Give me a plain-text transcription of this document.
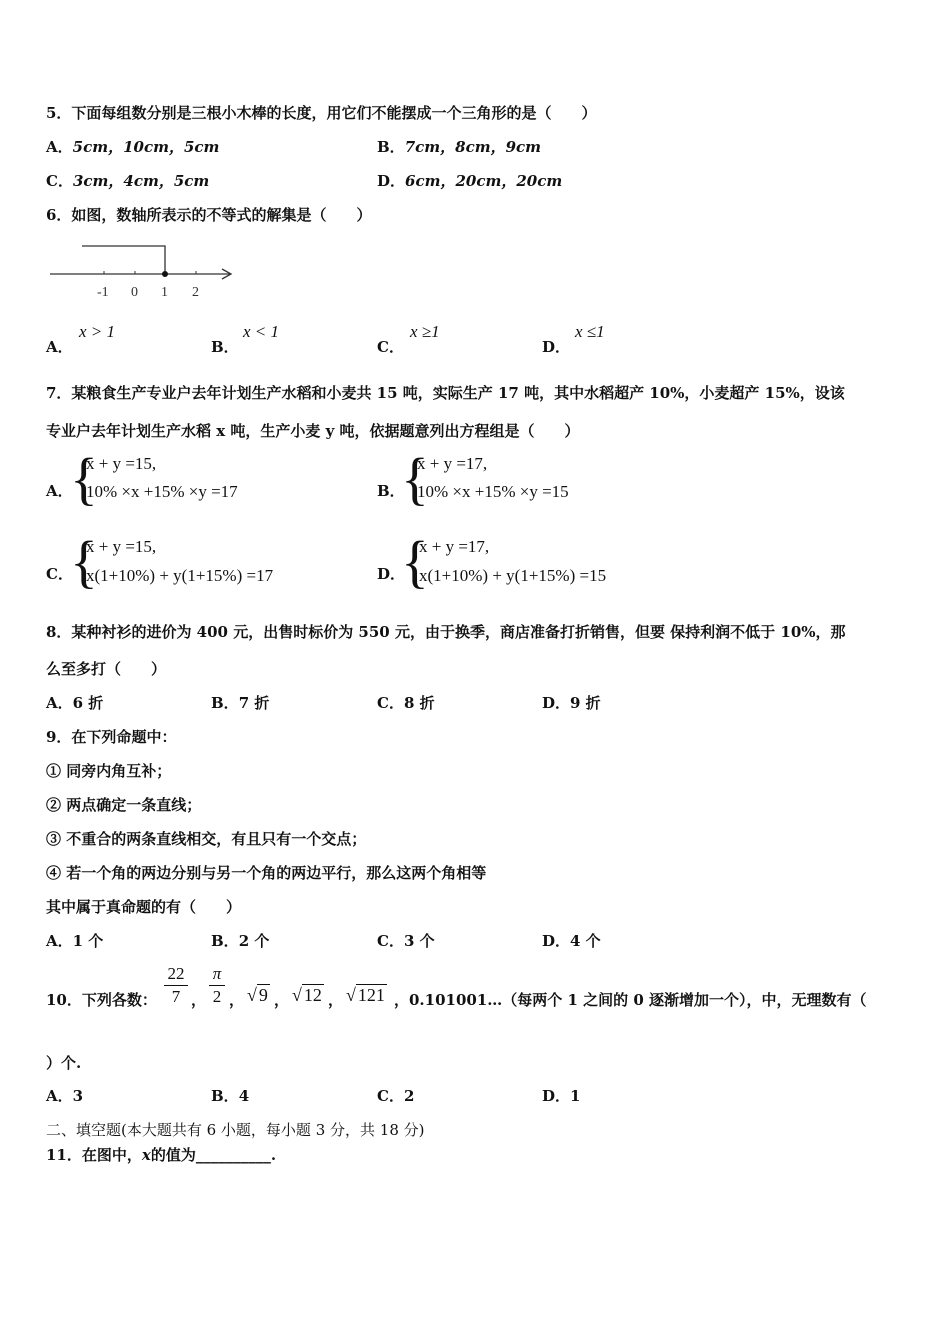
5．下面每组数分别是三根小木棒的长度，用它们不能摆成一个三角形的是（　　）
A．5cm，10cm，5cm	B．7cm，8cm，9cm
C．3cm，4cm，5cm	D．6cm，20cm，20cm
6．如图，数轴所表示的不等式的解集是（　　）
-1 0 1 2
A．
x > 1
B．
x < 1
C．
x ≥1
D．
x ≤1
7．某粮食生产专业户去年计划生产水稻和小麦共 15 吨，实际生产 17 吨，其中水稻超产 10%，小麦超产 15%，设该
专业户去年计划生产水稻 x 吨，生产小麦 y 吨，依据题意列出方程组是（　　）
A．
{
x + y =15,
10% ×x +15% ×y =17	B．
{
x + y =17,
10% ×x +15% ×y =15
C．
{
x + y =15,
x(1+10%) + y(1+15%) =17	D．
{
x + y =17,
x(1+10%) + y(1+15%) =15
8．某种衬衫的进价为 400 元，出售时标价为 550 元，由于换季，商店准备打折销售，但要 保持利润不低于 10%，那
么至多打（　　）
A．6 折	B．7 折	C．8 折	D．9 折
9．在下列命题中：
① 同旁内角互补；
② 两点确定一条直线；
③ 不重合的两条直线相交，有且只有一个交点；
④ 若一个角的两边分别与另一个角的两边平行，那么这两个角相等
其中属于真命题的有（　　）
A．1 个	B．2 个	C．3 个	D．4 个
10．下列各数：
22
7 ，
π
2 ， √ 9 ， √ 12 ， √ 121 ，0.101001…（每两个 1 之间的 0 逐渐增加一个），中，无理数有（
）个.
A．3	B．4	C．2	D．1
二、填空题(本大题共有 6 小题，每小题 3 分，共 18 分)
11．在图中，x的值为__________.
